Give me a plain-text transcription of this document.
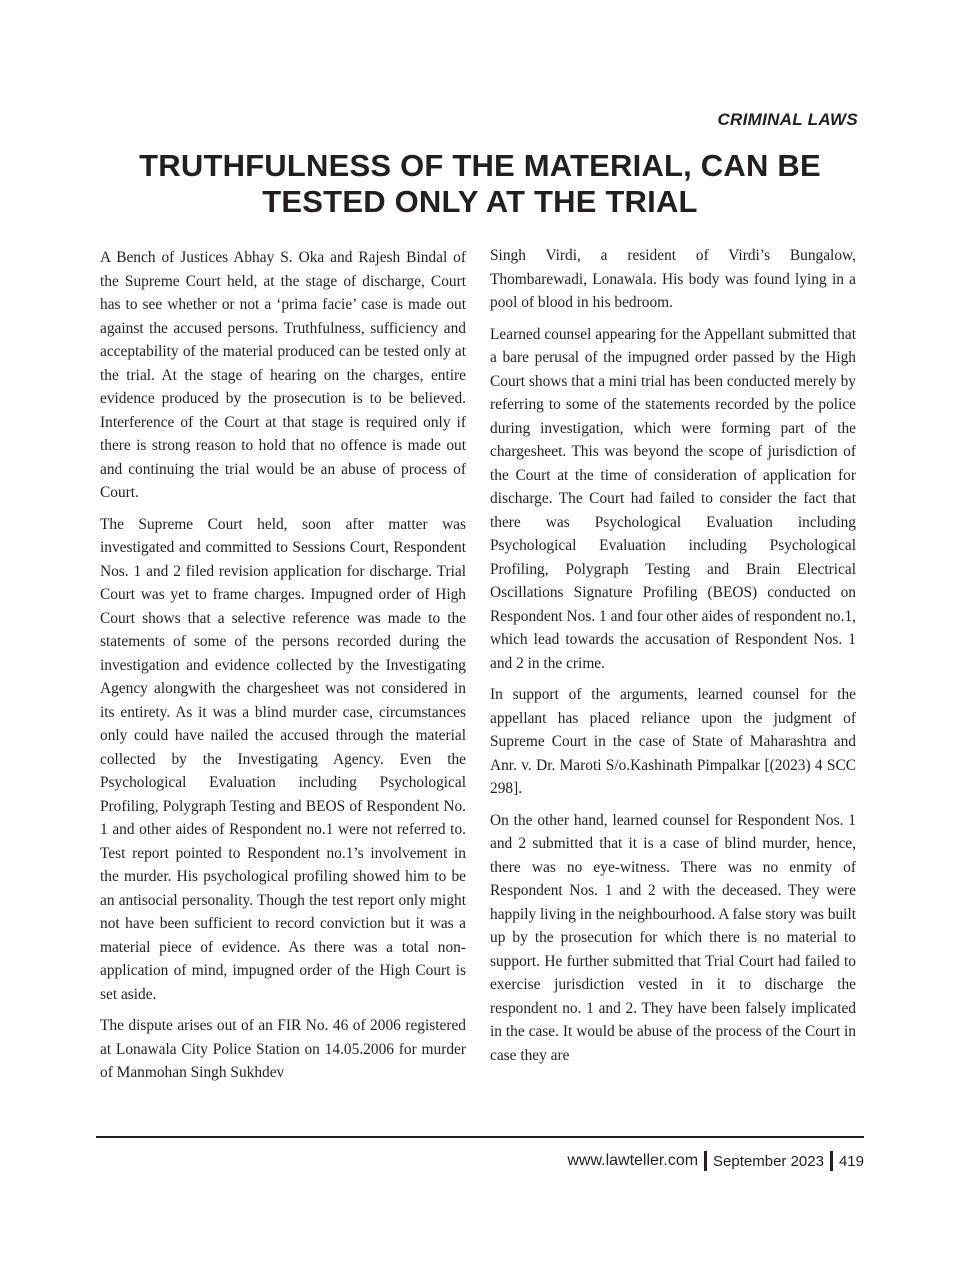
CRIMINAL LAWS
TRUTHFULNESS OF THE MATERIAL, CAN BE
TESTED ONLY AT THE TRIAL

A Bench of Justices Abhay S. Oka and Rajesh Bindal of the Supreme Court held, at the stage of discharge, Court has to see whether or not a ‘prima facie’ case is made out against the accused persons. Truthfulness, sufficiency and acceptability of the material produced can be tested only at the trial. At the stage of hearing on the charges, entire evidence produced by the prosecution is to be believed. Interference of the Court at that stage is required only if there is strong reason to hold that no offence is made out and continuing the trial would be an abuse of process of Court.

The Supreme Court held, soon after matter was investigated and committed to Sessions Court, Respondent Nos. 1 and 2 filed revision application for discharge. Trial Court was yet to frame charges. Impugned order of High Court shows that a selective reference was made to the statements of some of the persons recorded during the investigation and evidence collected by the Investigating Agency alongwith the chargesheet was not considered in its entirety. As it was a blind murder case, circumstances only could have nailed the accused through the material collected by the Investigating Agency. Even the Psychological Evaluation including Psychological Profiling, Polygraph Testing and BEOS of Respondent No. 1 and other aides of Respondent no.1 were not referred to. Test report pointed to Respondent no.1’s involvement in the murder. His psychological profiling showed him to be an antisocial personality. Though the test report only might not have been sufficient to record conviction but it was a material piece of evidence. As there was a total non-application of mind, impugned order of the High Court is set aside.

The dispute arises out of an FIR No. 46 of 2006 registered at Lonawala City Police Station on 14.05.2006 for murder of Manmohan Singh Sukhdev

Singh Virdi, a resident of Virdi’s Bungalow, Thombarewadi, Lonawala. His body was found lying in a pool of blood in his bedroom.

Learned counsel appearing for the Appellant submitted that a bare perusal of the impugned order passed by the High Court shows that a mini trial has been conducted merely by referring to some of the statements recorded by the police during investigation, which were forming part of the chargesheet. This was beyond the scope of jurisdiction of the Court at the time of consideration of application for discharge. The Court had failed to consider the fact that there was Psychological Evaluation including Psychological Evaluation including Psychological Profiling, Polygraph Testing and Brain Electrical Oscillations Signature Profiling (BEOS) conducted on Respondent Nos. 1 and four other aides of respondent no.1, which lead towards the accusation of Respondent Nos. 1 and 2 in the crime.

In support of the arguments, learned counsel for the appellant has placed reliance upon the judgment of Supreme Court in the case of State of Maharashtra and Anr. v. Dr. Maroti S/o.Kashinath Pimpalkar [(2023) 4 SCC 298].

On the other hand, learned counsel for Respondent Nos. 1 and 2 submitted that it is a case of blind murder, hence, there was no eye-witness. There was no enmity of Respondent Nos. 1 and 2 with the deceased. They were happily living in the neighbourhood. A false story was built up by the prosecution for which there is no material to support. He further submitted that Trial Court had failed to exercise jurisdiction vested in it to discharge the respondent no. 1 and 2. They have been falsely implicated in the case. It would be abuse of the process of the Court in case they are

www.lawteller.com September 2023 419
